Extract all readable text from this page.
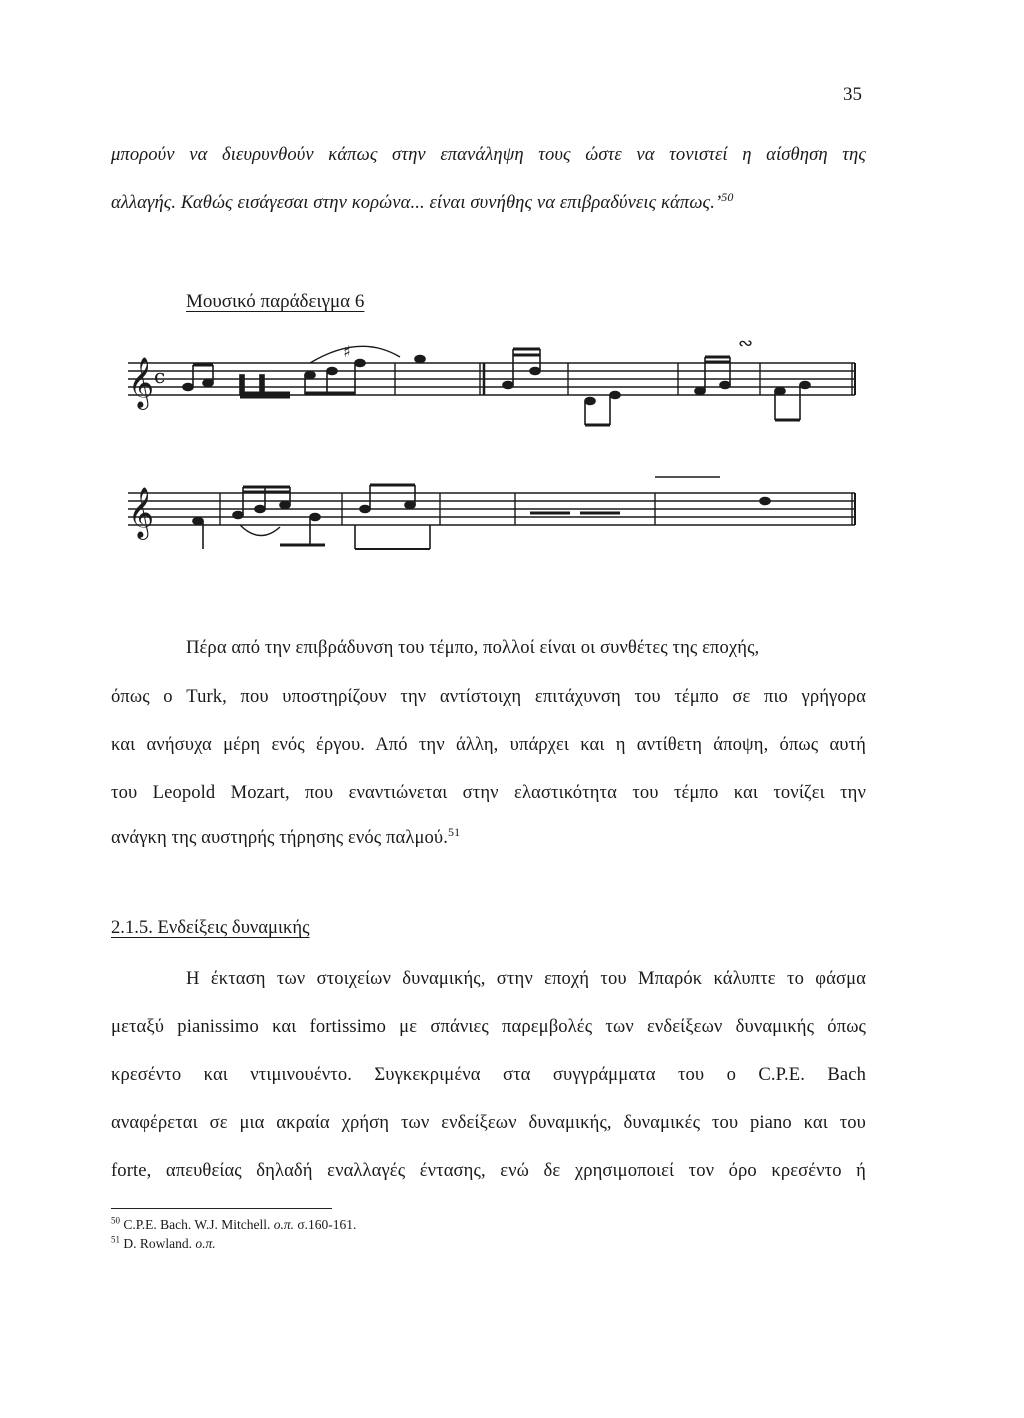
35
μπορούν να διευρυνθούν κάπως στην επανάληψη τους ώστε να τονιστεί η αίσθηση της
αλλαγής. Καθώς εισάγεσαι στην κορώνα... είναι συνήθης να επιβραδύνεις κάπως.’$^{50}$
Μουσικό παράδειγμα 6
𝄞 c
∾
♯
𝄞
Πέρα από την επιβράδυνση του τέμπο, πολλοί είναι οι συνθέτες της εποχής,
όπως ο Turk, που υποστηρίζουν την αντίστοιχη επιτάχυνση του τέμπο σε πιο γρήγορα
και ανήσυχα μέρη ενός έργου. Από την άλλη, υπάρχει και η αντίθετη άποψη, όπως αυτή
του Leopold Mozart, που εναντιώνεται στην ελαστικότητα του τέμπο και τονίζει την
ανάγκη της αυστηρής τήρησης ενός παλμού.$^{51}$
2.1.5. Ενδείξεις δυναμικής
Η έκταση των στοιχείων δυναμικής, στην εποχή του Μπαρόκ κάλυπτε το φάσμα
μεταξύ pianissimo και fortissimo με σπάνιες παρεμβολές των ενδείξεων δυναμικής όπως
κρεσέντο και ντιμινουέντο. Συγκεκριμένα στα συγγράμματα του ο C.P.E. Bach
αναφέρεται σε μια ακραία χρήση των ενδείξεων δυναμικής, δυναμικές του piano και του
forte, απευθείας δηλαδή εναλλαγές έντασης, ενώ δε χρησιμοποιεί τον όρο κρεσέντο ή
$^{50}$ C.P.E. Bach. W.J. Mitchell. ο.π. σ.160-161.
$^{51}$ D. Rowland. ο.π.
